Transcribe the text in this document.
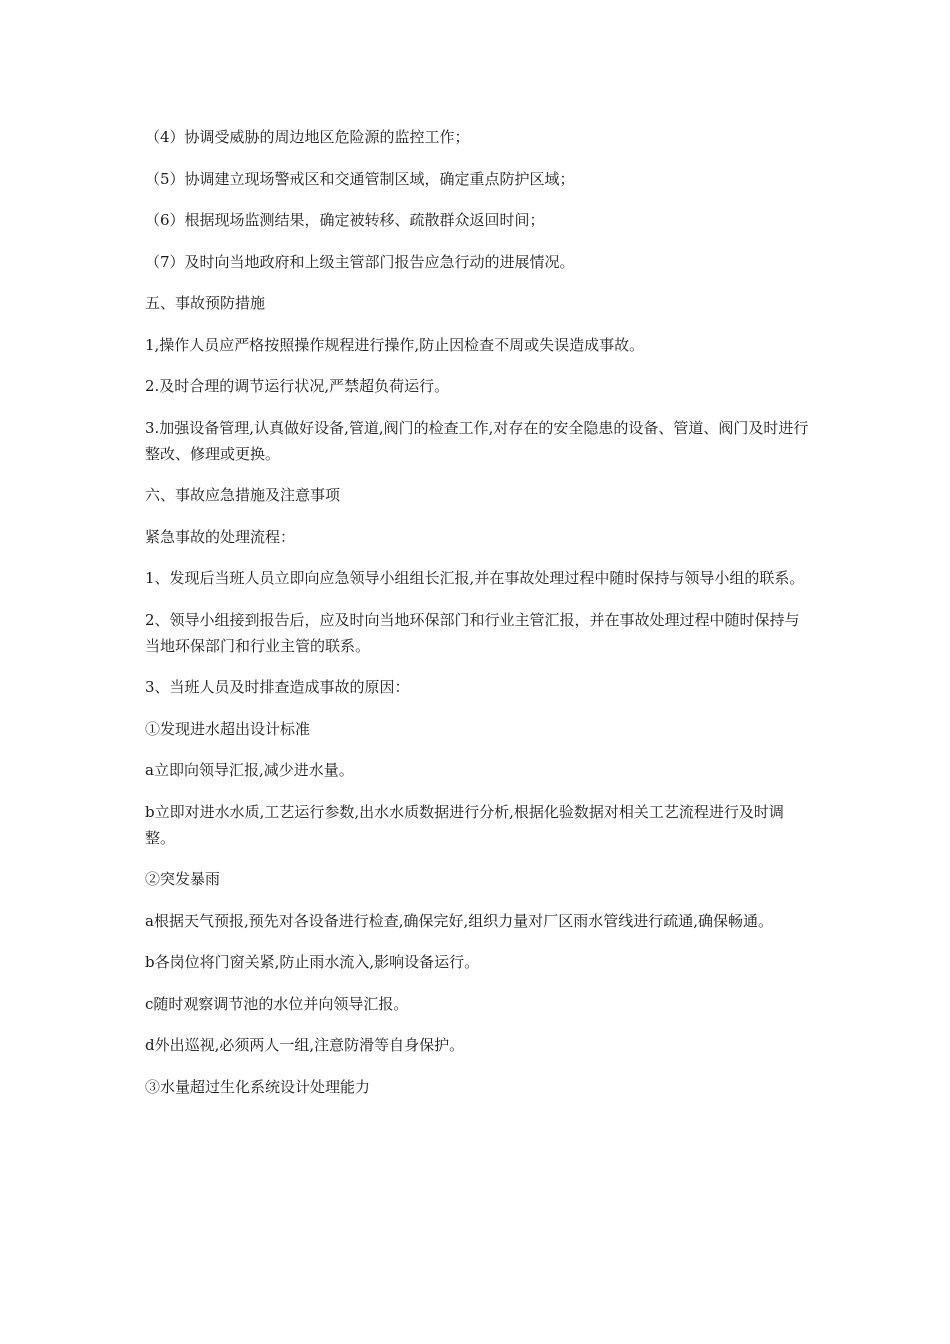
（4）协调受威胁的周边地区危险源的监控工作；

（5）协调建立现场警戒区和交通管制区域，确定重点防护区域；

（6）根据现场监测结果，确定被转移、疏散群众返回时间；

（7）及时向当地政府和上级主管部门报告应急行动的进展情况。

五、事故预防措施

1,操作人员应严格按照操作规程进行操作,防止因检查不周或失误造成事故。

2.及时合理的调节运行状况,严禁超负荷运行。

3.加强设备管理,认真做好设备,管道,阀门的检查工作,对存在的安全隐患的设备、管道、阀门及时进行整改、修理或更换。

六、事故应急措施及注意事项

紧急事故的处理流程：

1、发现后当班人员立即向应急领导小组组长汇报,并在事故处理过程中随时保持与领导小组的联系。

2、领导小组接到报告后，应及时向当地环保部门和行业主管汇报，并在事故处理过程中随时保持与当地环保部门和行业主管的联系。

3、当班人员及时排查造成事故的原因：

①发现进水超出设计标准

a立即向领导汇报,减少进水量。

b立即对进水水质,工艺运行参数,出水水质数据进行分析,根据化验数据对相关工艺流程进行及时调整。

②突发暴雨

a根据天气预报,预先对各设备进行检查,确保完好,组织力量对厂区雨水管线进行疏通,确保畅通。

b各岗位将门窗关紧,防止雨水流入,影响设备运行。

c随时观察调节池的水位并向领导汇报。

d外出巡视,必须两人一组,注意防滑等自身保护。

③水量超过生化系统设计处理能力
